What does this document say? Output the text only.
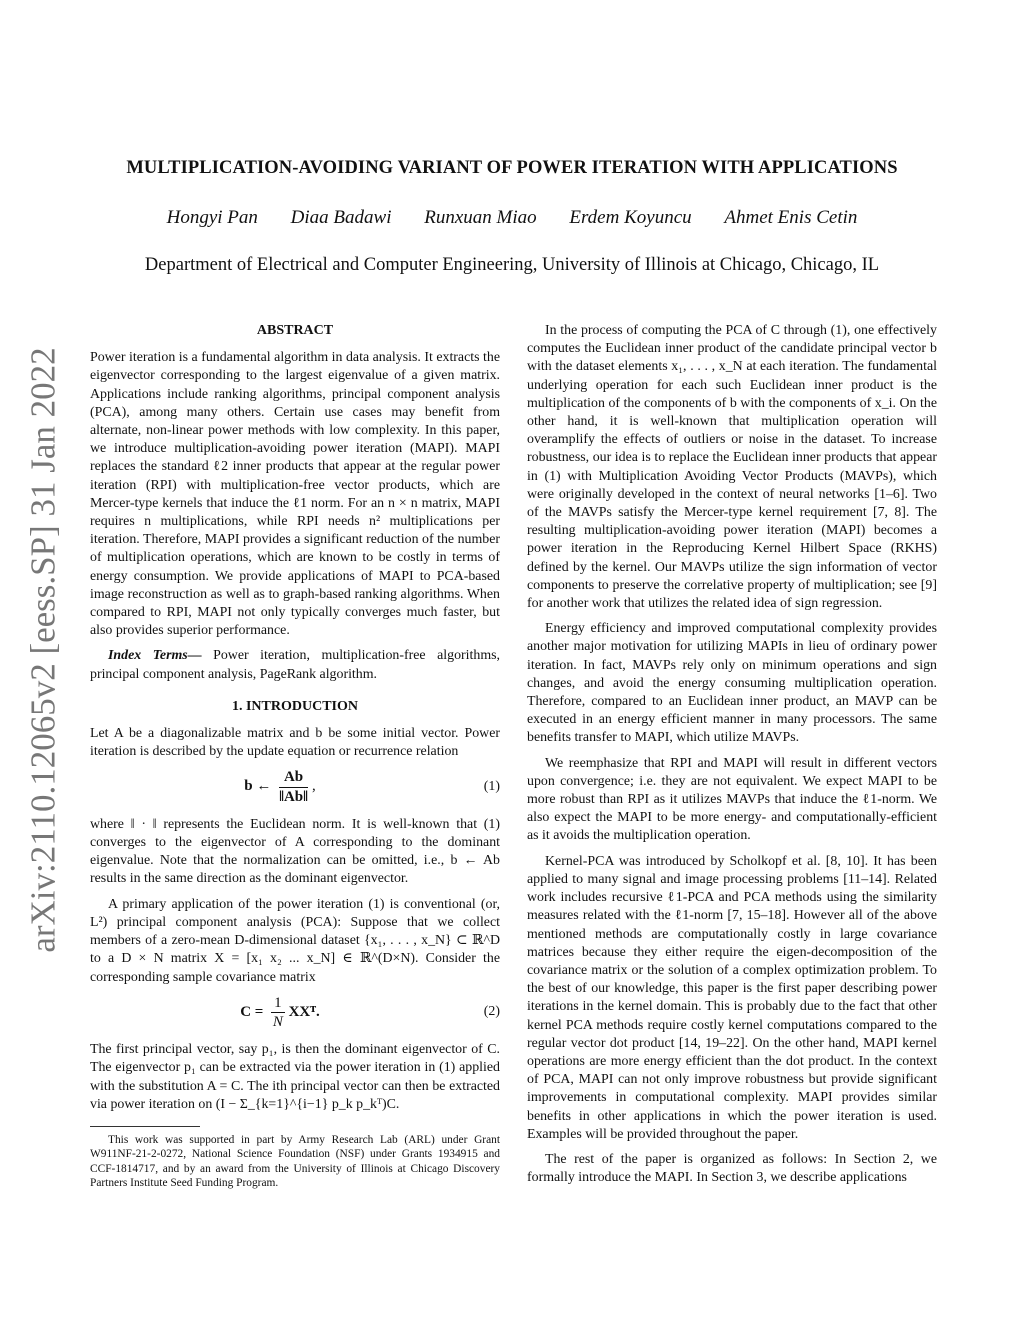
arXiv:2110.12065v2 [eess.SP] 31 Jan 2022
MULTIPLICATION-AVOIDING VARIANT OF POWER ITERATION WITH APPLICATIONS
Hongyi Pan Diaa Badawi Runxuan Miao Erdem Koyuncu Ahmet Enis Cetin
Department of Electrical and Computer Engineering, University of Illinois at Chicago, Chicago, IL
ABSTRACT

Power iteration is a fundamental algorithm in data analysis. It extracts the eigenvector corresponding to the largest eigenvalue of a given matrix. Applications include ranking algorithms, principal component analysis (PCA), among many others. Certain use cases may benefit from alternate, non-linear power methods with low complexity. In this paper, we introduce multiplication-avoiding power iteration (MAPI). MAPI replaces the standard ℓ2 inner products that appear at the regular power iteration (RPI) with multiplication-free vector products, which are Mercer-type kernels that induce the ℓ1 norm. For an n × n matrix, MAPI requires n multiplications, while RPI needs n² multiplications per iteration. Therefore, MAPI provides a significant reduction of the number of multiplication operations, which are known to be costly in terms of energy consumption. We provide applications of MAPI to PCA-based image reconstruction as well as to graph-based ranking algorithms. When compared to RPI, MAPI not only typically converges much faster, but also provides superior performance.

Index Terms— Power iteration, multiplication-free algorithms, principal component analysis, PageRank algorithm.

1. INTRODUCTION

Let A be a diagonalizable matrix and b be some initial vector. Power iteration is described by the update equation or recurrence relation

b ← $\frac{Ab}{‖Ab‖}$ ,	(1)

where ‖ · ‖ represents the Euclidean norm. It is well-known that (1) converges to the eigenvector of A corresponding to the dominant eigenvalue. Note that the normalization can be omitted, i.e., b ← Ab results in the same direction as the dominant eigenvector.

A primary application of the power iteration (1) is conventional (or, L²) principal component analysis (PCA): Suppose that we collect members of a zero-mean D-dimensional dataset {x₁, . . . , x_N} ⊂ ℝ^D to a D × N matrix X = [x₁ x₂ ... x_N] ∈ ℝ^(D×N). Consider the corresponding sample covariance matrix

$C = \frac{1}{N}$ XXᵀ.	(2)

The first principal vector, say p₁, is then the dominant eigenvector of C. The eigenvector p₁ can be extracted via the power iteration in (1) applied with the substitution A = C. The ith principal vector can then be extracted via power iteration on (I − Σ_{k=1}^{i−1} p_k p_kᵀ)C.

This work was supported in part by Army Research Lab (ARL) under Grant W911NF-21-2-0272, National Science Foundation (NSF) under Grants 1934915 and CCF-1814717, and by an award from the University of Illinois at Chicago Discovery Partners Institute Seed Funding Program.

In the process of computing the PCA of C through (1), one effectively computes the Euclidean inner product of the candidate principal vector b with the dataset elements x₁, . . . , x_N at each iteration. The fundamental underlying operation for each such Euclidean inner product is the multiplication of the components of b with the components of x_i. On the other hand, it is well-known that multiplication operation will overamplify the effects of outliers or noise in the dataset. To increase robustness, our idea is to replace the Euclidean inner products that appear in (1) with Multiplication Avoiding Vector Products (MAVPs), which were originally developed in the context of neural networks [1–6]. Two of the MAVPs satisfy the Mercer-type kernel requirement [7, 8]. The resulting multiplication-avoiding power iteration (MAPI) becomes a power iteration in the Reproducing Kernel Hilbert Space (RKHS) defined by the kernel. Our MAVPs utilize the sign information of vector components to preserve the correlative property of multiplication; see [9] for another work that utilizes the related idea of sign regression.

Energy efficiency and improved computational complexity provides another major motivation for utilizing MAPIs in lieu of ordinary power iteration. In fact, MAVPs rely only on minimum operations and sign changes, and avoid the energy consuming multiplication operation. Therefore, compared to an Euclidean inner product, an MAVP can be executed in an energy efficient manner in many processors. The same benefits transfer to MAPI, which utilize MAVPs.

We reemphasize that RPI and MAPI will result in different vectors upon convergence; i.e. they are not equivalent. We expect MAPI to be more robust than RPI as it utilizes MAVPs that induce the ℓ1-norm. We also expect the MAPI to be more energy- and computationally-efficient as it avoids the multiplication operation.

Kernel-PCA was introduced by Scholkopf et al. [8, 10]. It has been applied to many signal and image processing problems [11–14]. Related work includes recursive ℓ1-PCA and PCA methods using the similarity measures related with the ℓ1-norm [7, 15–18]. However all of the above mentioned methods are computationally costly in large covariance matrices because they either require the eigen-decomposition of the covariance matrix or the solution of a complex optimization problem. To the best of our knowledge, this paper is the first paper describing power iterations in the kernel domain. This is probably due to the fact that other kernel PCA methods require costly kernel computations compared to the regular vector dot product [14, 19–22]. On the other hand, MAPI kernel operations are more energy efficient than the dot product. In the context of PCA, MAPI can not only improve robustness but provide significant improvements in computational complexity. MAPI provides similar benefits in other applications in which the power iteration is used. Examples will be provided throughout the paper.

The rest of the paper is organized as follows: In Section 2, we formally introduce the MAPI. In Section 3, we describe applications
